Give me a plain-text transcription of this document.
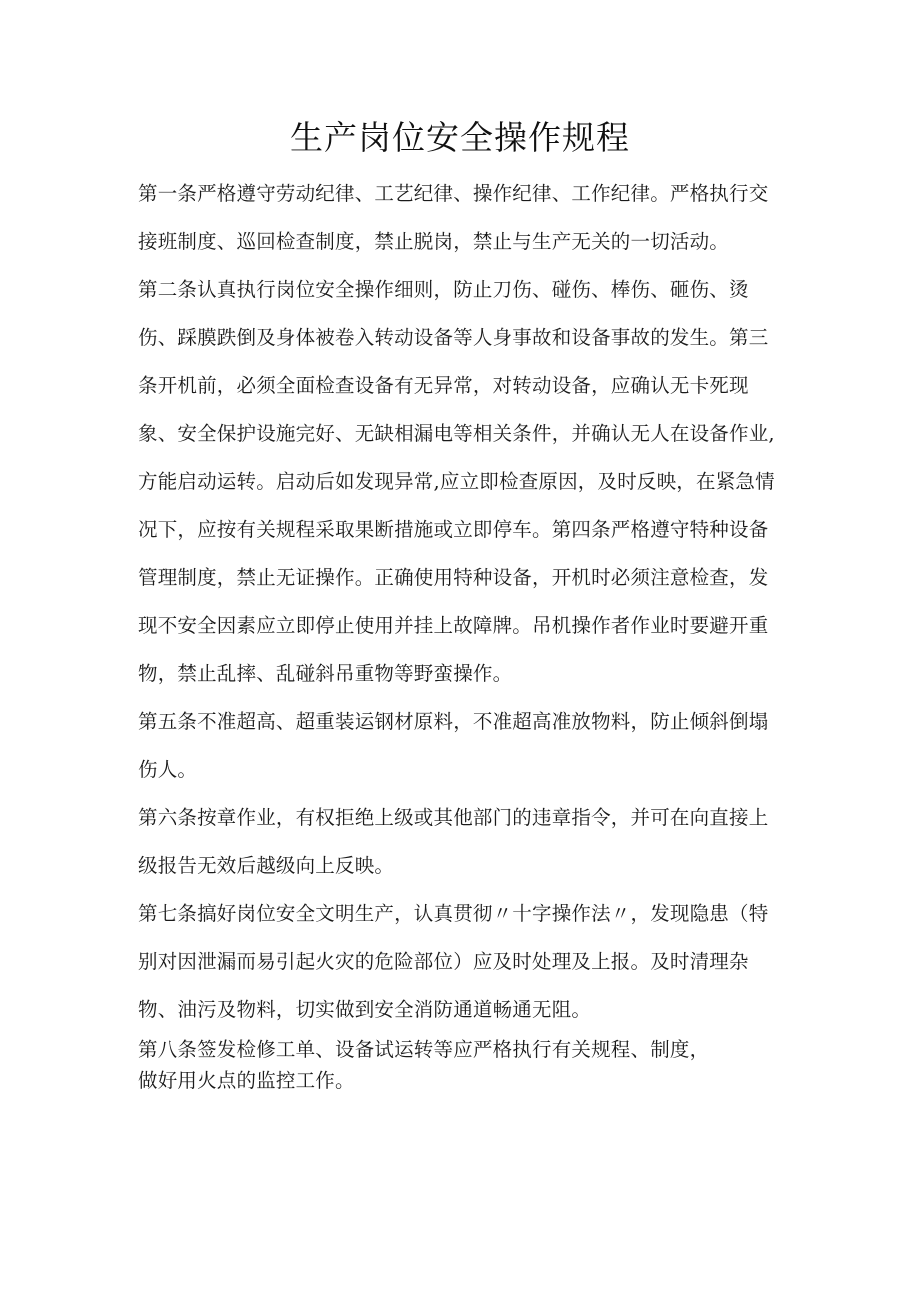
生产岗位安全操作规程
第一条严格遵守劳动纪律、工艺纪律、操作纪律、工作纪律。严格执行交
接班制度、巡回检查制度，禁止脱岗，禁止与生产无关的一切活动。
第二条认真执行岗位安全操作细则，防止刀伤、碰伤、棒伤、砸伤、烫
伤、踩膜跌倒及身体被卷入转动设备等人身事故和设备事故的发生。第三
条开机前，必须全面检查设备有无异常，对转动设备，应确认无卡死现
象、安全保护设施完好、无缺相漏电等相关条件，并确认无人在设备作业,
方能启动运转。启动后如发现异常,应立即检查原因，及时反映，在紧急情
况下，应按有关规程采取果断措施或立即停车。第四条严格遵守特种设备
管理制度，禁止无证操作。正确使用特种设备，开机时必须注意检查，发
现不安全因素应立即停止使用并挂上故障牌。吊机操作者作业时要避开重
物，禁止乱摔、乱碰斜吊重物等野蛮操作。
第五条不准超高、超重装运钢材原料，不准超高准放物料，防止倾斜倒塌
伤人。
第六条按章作业，有权拒绝上级或其他部门的违章指令，并可在向直接上
级报告无效后越级向上反映。
第七条搞好岗位安全文明生产，认真贯彻〃十字操作法〃，发现隐患（特
别对因泄漏而易引起火灾的危险部位）应及时处理及上报。及时清理杂
物、油污及物料，切实做到安全消防通道畅通无阻。
第八条签发检修工单、设备试运转等应严格执行有关规程、制度，
做好用火点的监控工作。
